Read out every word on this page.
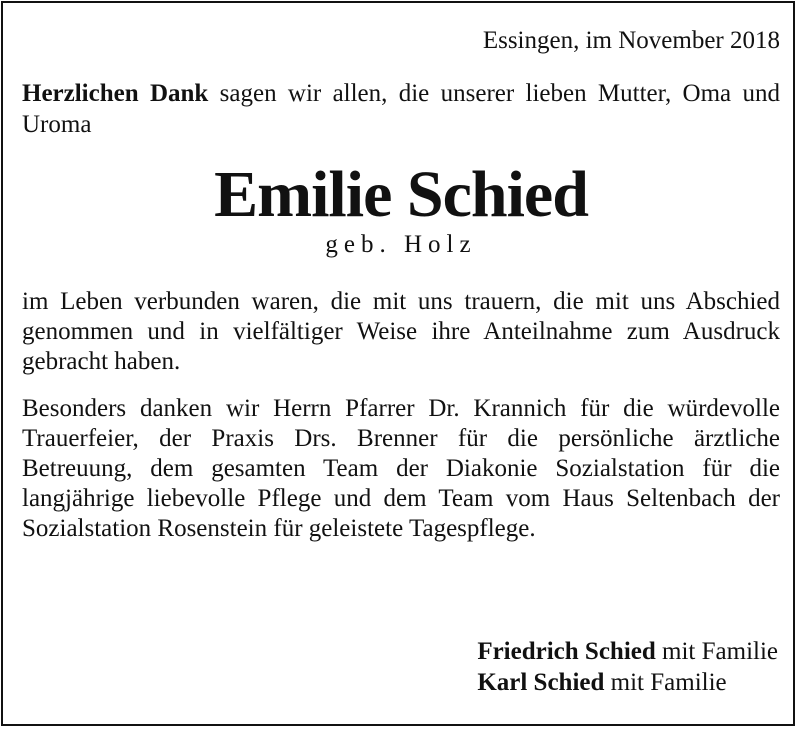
Essingen, im November 2018

Herzlichen Dank sagen wir allen, die unserer lieben Mutter, Oma und Uroma

Emilie Schied
geb. Holz

im Leben verbunden waren, die mit uns trauern, die mit uns Abschied genommen und in vielfältiger Weise ihre Anteilnahme zum Ausdruck gebracht haben.

Besonders danken wir Herrn Pfarrer Dr. Krannich für die würdevolle Trauerfeier, der Praxis Drs. Brenner für die persönliche ärztliche Betreuung, dem gesamten Team der Diakonie Sozialstation für die langjährige liebevolle Pflege und dem Team vom Haus Seltenbach der Sozialstation Rosenstein für geleistete Tagespflege.

Friedrich Schied mit Familie
Karl Schied mit Familie
